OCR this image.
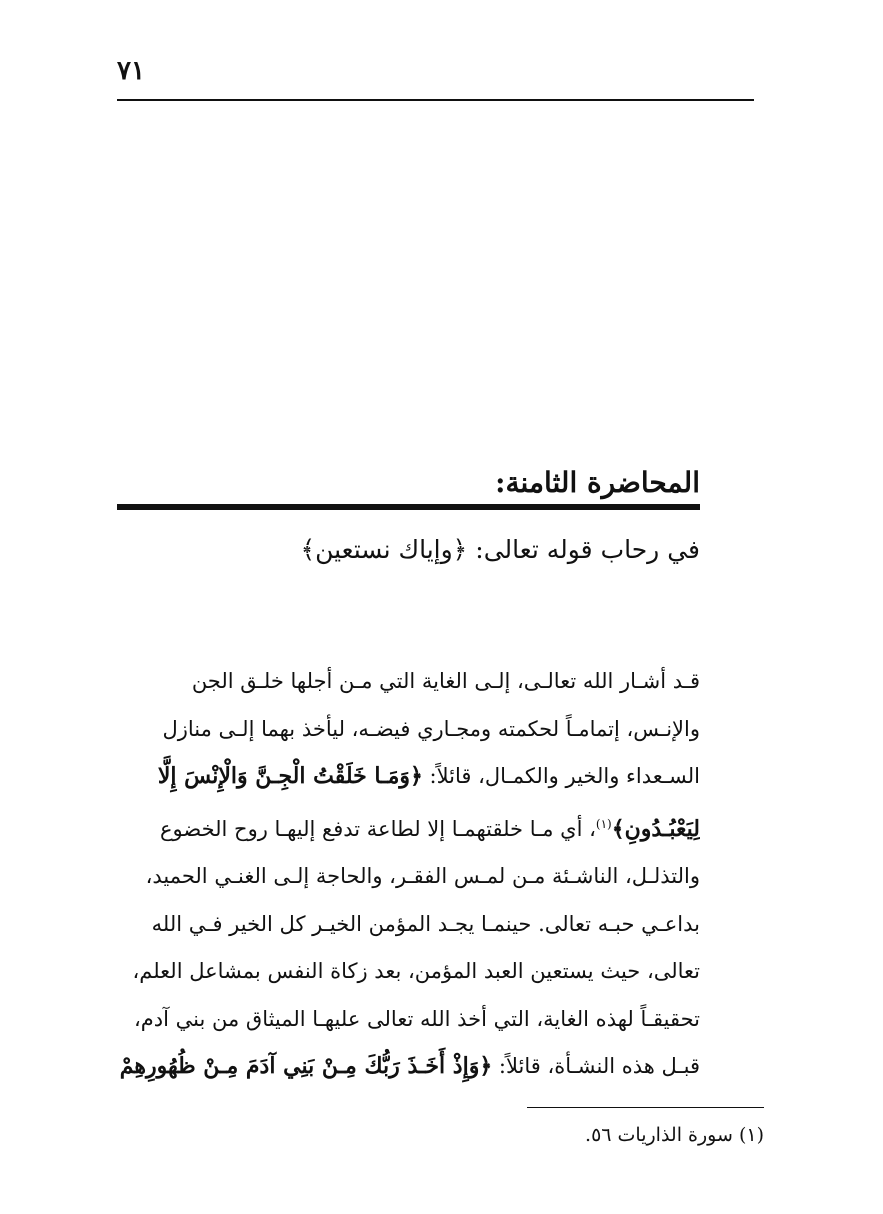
٧١
المحاضرة الثامنة:
في رحاب قوله تعالى: ﴿وإياك نستعين﴾
قـد أشـار الله تعالـى، إلـى الغاية التي مـن أجلها خلـق الجن
والإنـس، إتمامـاً لحكمته ومجـاري فيضـه، ليأخذ بهما إلـى منازل
السـعداء والخير والكمـال، قائلاً: ﴿وَمَـا خَلَقْتُ الْجِـنَّ وَالْإِنْسَ إِلَّا
لِيَعْبُـدُونِ﴾$^{(١)}$، أي مـا خلقتهمـا إلا لطاعة تدفع إليهـا روح الخضوع
والتذلـل، الناشـئة مـن لمـس الفقـر، والحاجة إلـى الغنـي الحميد،
بداعـي حبـه تعالى. حينمـا يجـد المؤمن الخيـر كل الخير فـي الله
تعالى، حيث يستعين العبد المؤمن، بعد زكاة النفس بمشاعل العلم،
تحقيقـاً لهذه الغاية، التي أخذ الله تعالى عليهـا الميثاق من بني آدم،
قبـل هذه النشـأة، قائلاً: ﴿وَإِذْ أَخَـذَ رَبُّكَ مِـنْ بَنِي آدَمَ مِـنْ ظُهُورِهِمْ
(١) سورة الذاريات ٥٦.
